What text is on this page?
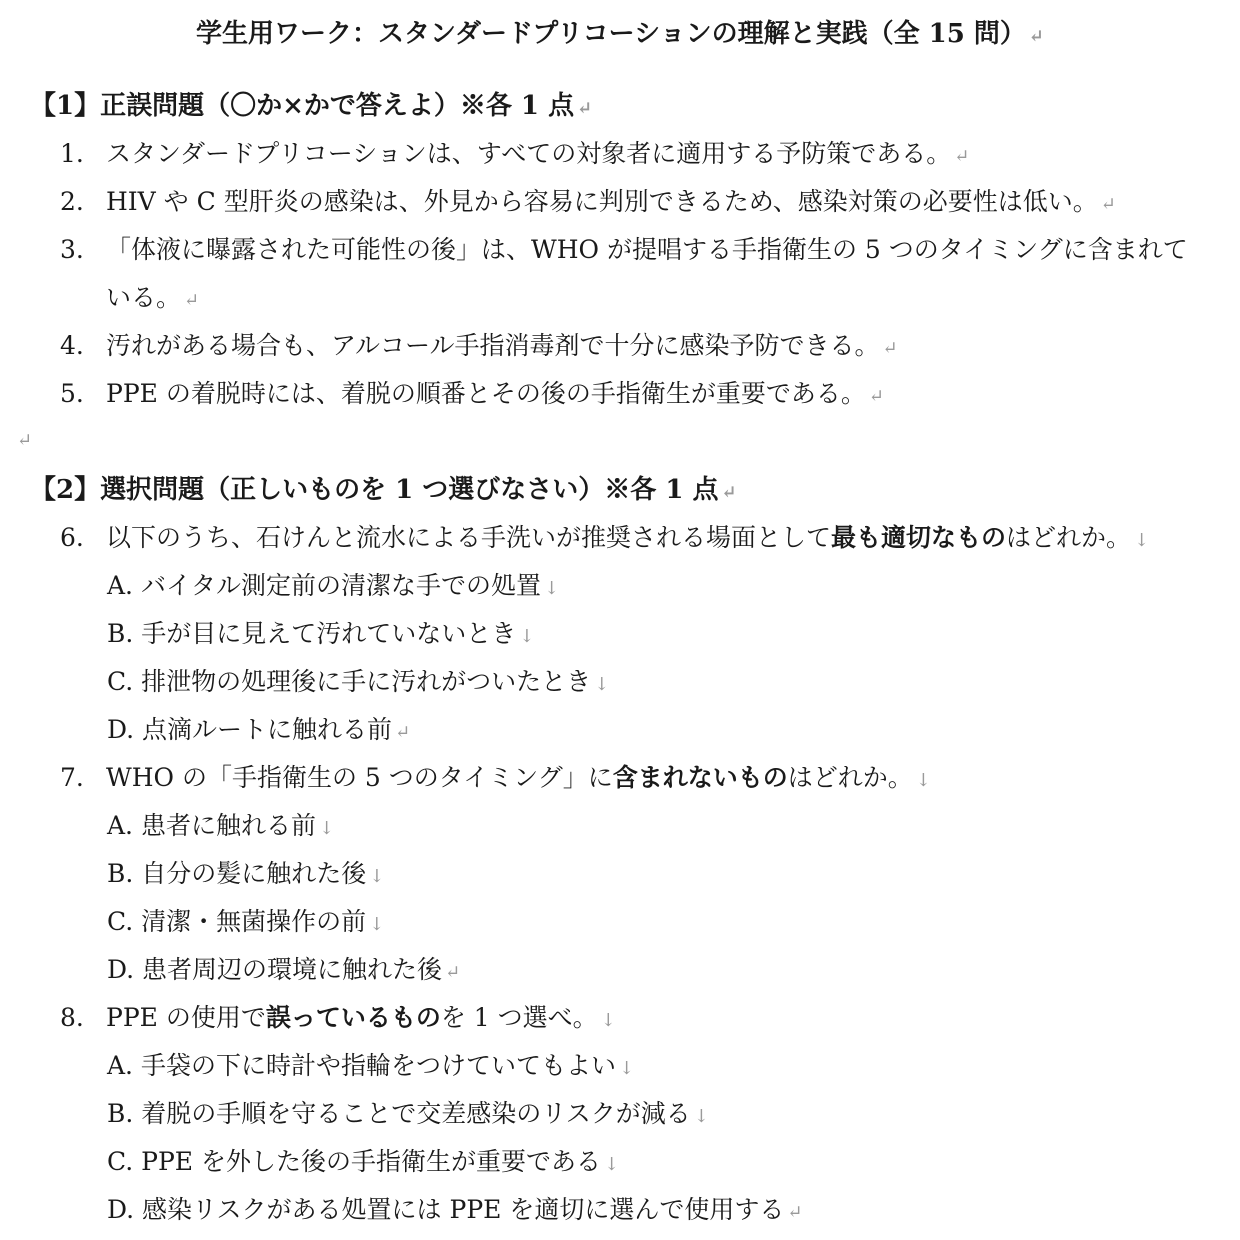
学生用ワーク：スタンダードプリコーションの理解と実践（全 15 問） ↵
【1】正誤問題（〇か×かで答えよ）※各 1 点 ↵
1. スタンダードプリコーションは、すべての対象者に適用する予防策である。 ↵
2. HIV や C 型肝炎の感染は、外見から容易に判別できるため、感染対策の必要性は低い。 ↵
3. 「体液に曝露された可能性の後」は、WHO が提唱する手指衛生の 5 つのタイミングに含まれて
いる。 ↵
4. 汚れがある場合も、アルコール手指消毒剤で十分に感染予防できる。 ↵
5. PPE の着脱時には、着脱の順番とその後の手指衛生が重要である。 ↵
↵
【2】選択問題（正しいものを 1 つ選びなさい）※各 1 点 ↵
6. 以下のうち、石けんと流水による手洗いが推奨される場面として最も適切なものはどれか。 ↓
A. バイタル測定前の清潔な手での処置 ↓
B. 手が目に見えて汚れていないとき ↓
C. 排泄物の処理後に手に汚れがついたとき ↓
D. 点滴ルートに触れる前 ↵
7. WHO の「手指衛生の 5 つのタイミング」に含まれないものはどれか。 ↓
A. 患者に触れる前 ↓
B. 自分の髪に触れた後 ↓
C. 清潔・無菌操作の前 ↓
D. 患者周辺の環境に触れた後 ↵
8. PPE の使用で誤っているものを 1 つ選べ。 ↓
A. 手袋の下に時計や指輪をつけていてもよい ↓
B. 着脱の手順を守ることで交差感染のリスクが減る ↓
C. PPE を外した後の手指衛生が重要である ↓
D. 感染リスクがある処置には PPE を適切に選んで使用する ↵
